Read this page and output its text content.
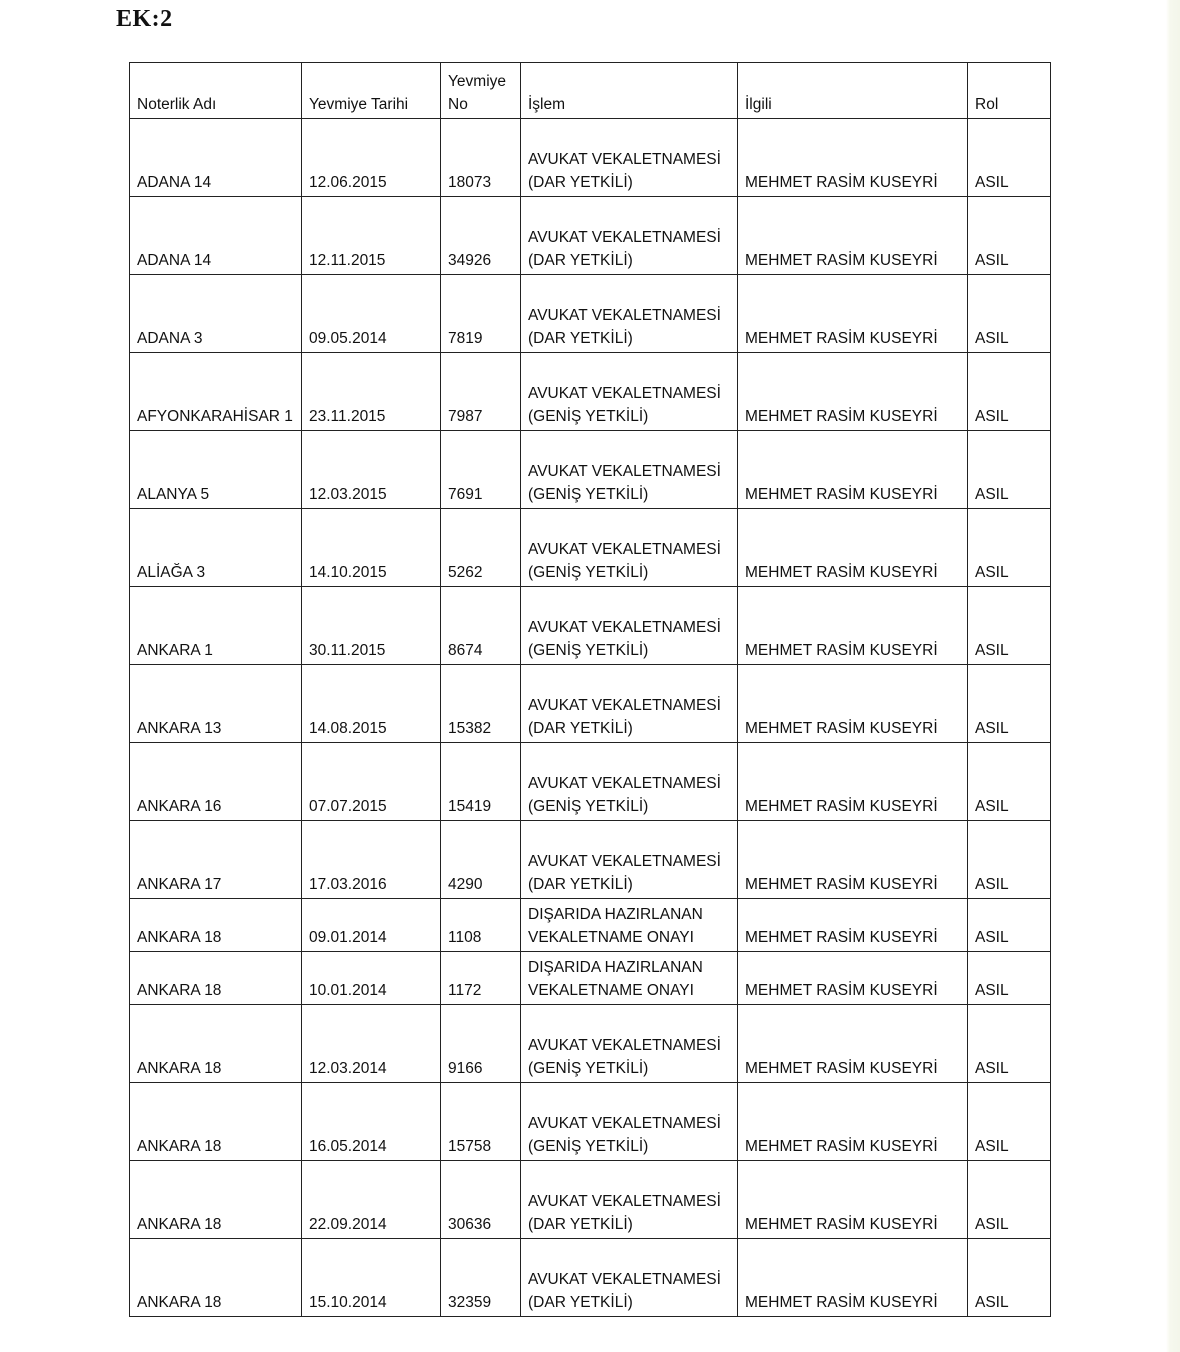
EK:2
Noterlik Adı	Yevmiye Tarihi	Yevmiye No	İşlem	İlgili	Rol
ADANA 14	12.06.2015	18073	AVUKAT VEKALETNAMESİ
(DAR YETKİLİ)	MEHMET RASİM KUSEYRİ	ASIL
ADANA 14	12.11.2015	34926	AVUKAT VEKALETNAMESİ
(DAR YETKİLİ)	MEHMET RASİM KUSEYRİ	ASIL
ADANA 3	09.05.2014	7819	AVUKAT VEKALETNAMESİ
(DAR YETKİLİ)	MEHMET RASİM KUSEYRİ	ASIL
AFYONKARAHİSAR 1	23.11.2015	7987	AVUKAT VEKALETNAMESİ
(GENİŞ YETKİLİ)	MEHMET RASİM KUSEYRİ	ASIL
ALANYA 5	12.03.2015	7691	AVUKAT VEKALETNAMESİ
(GENİŞ YETKİLİ)	MEHMET RASİM KUSEYRİ	ASIL
ALİAĞA 3	14.10.2015	5262	AVUKAT VEKALETNAMESİ
(GENİŞ YETKİLİ)	MEHMET RASİM KUSEYRİ	ASIL
ANKARA 1	30.11.2015	8674	AVUKAT VEKALETNAMESİ
(GENİŞ YETKİLİ)	MEHMET RASİM KUSEYRİ	ASIL
ANKARA 13	14.08.2015	15382	AVUKAT VEKALETNAMESİ
(DAR YETKİLİ)	MEHMET RASİM KUSEYRİ	ASIL
ANKARA 16	07.07.2015	15419	AVUKAT VEKALETNAMESİ
(GENİŞ YETKİLİ)	MEHMET RASİM KUSEYRİ	ASIL
ANKARA 17	17.03.2016	4290	AVUKAT VEKALETNAMESİ
(DAR YETKİLİ)	MEHMET RASİM KUSEYRİ	ASIL
ANKARA 18	09.01.2014	1108	DIŞARIDA HAZIRLANAN
VEKALETNAME ONAYI	MEHMET RASİM KUSEYRİ	ASIL
ANKARA 18	10.01.2014	1172	DIŞARIDA HAZIRLANAN
VEKALETNAME ONAYI	MEHMET RASİM KUSEYRİ	ASIL
ANKARA 18	12.03.2014	9166	AVUKAT VEKALETNAMESİ
(GENİŞ YETKİLİ)	MEHMET RASİM KUSEYRİ	ASIL
ANKARA 18	16.05.2014	15758	AVUKAT VEKALETNAMESİ
(GENİŞ YETKİLİ)	MEHMET RASİM KUSEYRİ	ASIL
ANKARA 18	22.09.2014	30636	AVUKAT VEKALETNAMESİ
(DAR YETKİLİ)	MEHMET RASİM KUSEYRİ	ASIL
ANKARA 18	15.10.2014	32359	AVUKAT VEKALETNAMESİ
(DAR YETKİLİ)	MEHMET RASİM KUSEYRİ	ASIL
